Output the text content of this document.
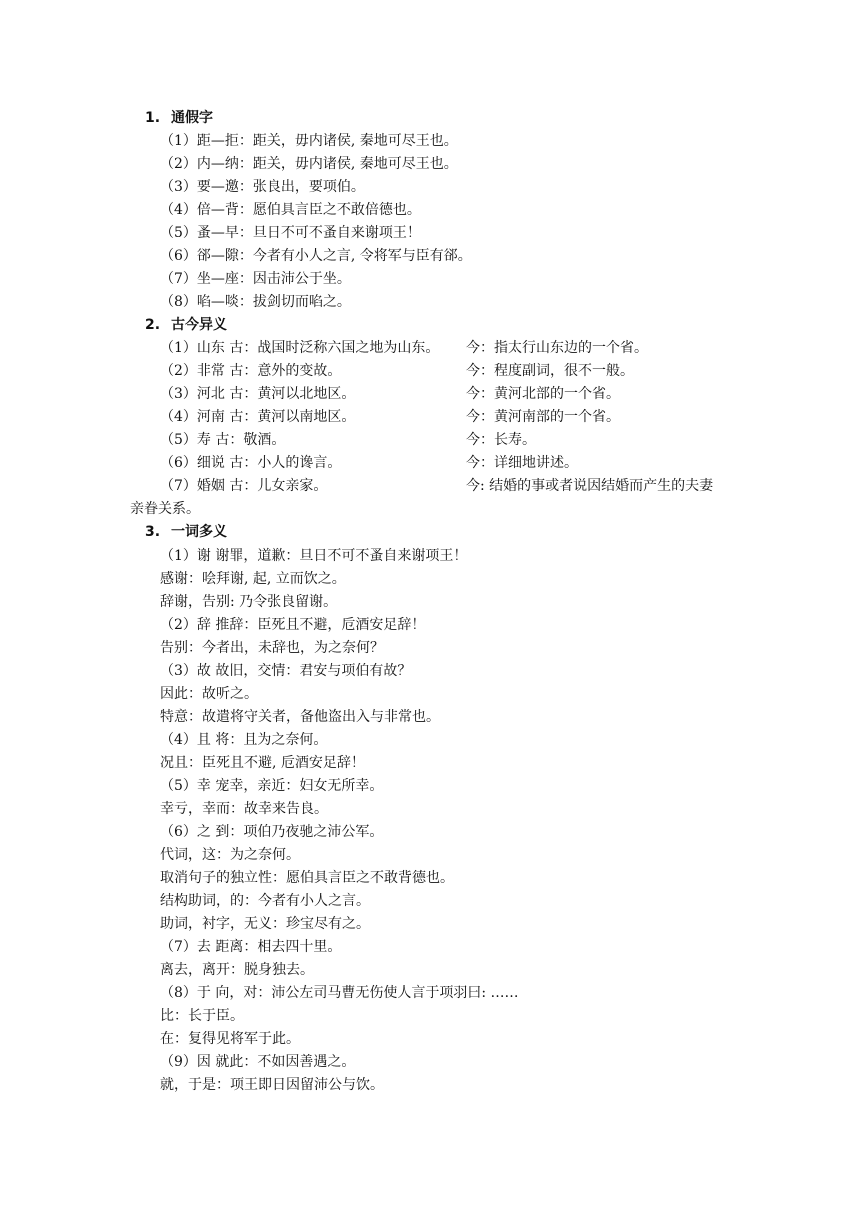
1. 通假字
（1）距—拒：距关，毋内诸侯, 秦地可尽王也。
（2）内—纳：距关，毋内诸侯, 秦地可尽王也。
（3）要—邀：张良出，要项伯。
（4）倍—背：愿伯具言臣之不敢倍德也。
（5）蚤—早：旦日不可不蚤自来谢项王！
（6）郤—隙：今者有小人之言, 令将军与臣有郤。
（7）坐—座：因击沛公于坐。
（8）啗—啖：拔剑切而啗之。
2. 古今异义
（1）山东 古：战国时泛称六国之地为山东。 今：指太行山东边的一个省。
（2）非常 古：意外的变故。	今：程度副词，很不一般。
（3）河北 古：黄河以北地区。	今：黄河北部的一个省。
（4）河南 古：黄河以南地区。	今：黄河南部的一个省。
（5）寿 古：敬酒。	今：长寿。
（6）细说 古：小人的谗言。	今：详细地讲述。
（7）婚姻 古：儿女亲家。	今: 结婚的事或者说因结婚而产生的夫妻
亲眷关系。
3. 一词多义
（1）谢 谢罪，道歉：旦日不可不蚤自来谢项王！
感谢：哙拜谢, 起, 立而饮之。
辞谢，告别: 乃令张良留谢。
（2）辞 推辞：臣死且不避，卮酒安足辞！
告别：今者出，未辞也，为之奈何？
（3）故 故旧，交情：君安与项伯有故？
因此：故听之。
特意：故遣将守关者，备他盗出入与非常也。
（4）且 将：且为之奈何。
况且：臣死且不避, 卮酒安足辞！
（5）幸 宠幸，亲近：妇女无所幸。
幸亏，幸而：故幸来告良。
（6）之 到：项伯乃夜驰之沛公军。
代词，这：为之奈何。
取消句子的独立性：愿伯具言臣之不敢背德也。
结构助词，的：今者有小人之言。
助词，衬字，无义：珍宝尽有之。
（7）去 距离：相去四十里。
离去，离开：脱身独去。
（8）于 向，对：沛公左司马曹无伤使人言于项羽曰: ……
比：长于臣。
在：复得见将军于此。
（9）因 就此：不如因善遇之。
就，于是：项王即日因留沛公与饮。
